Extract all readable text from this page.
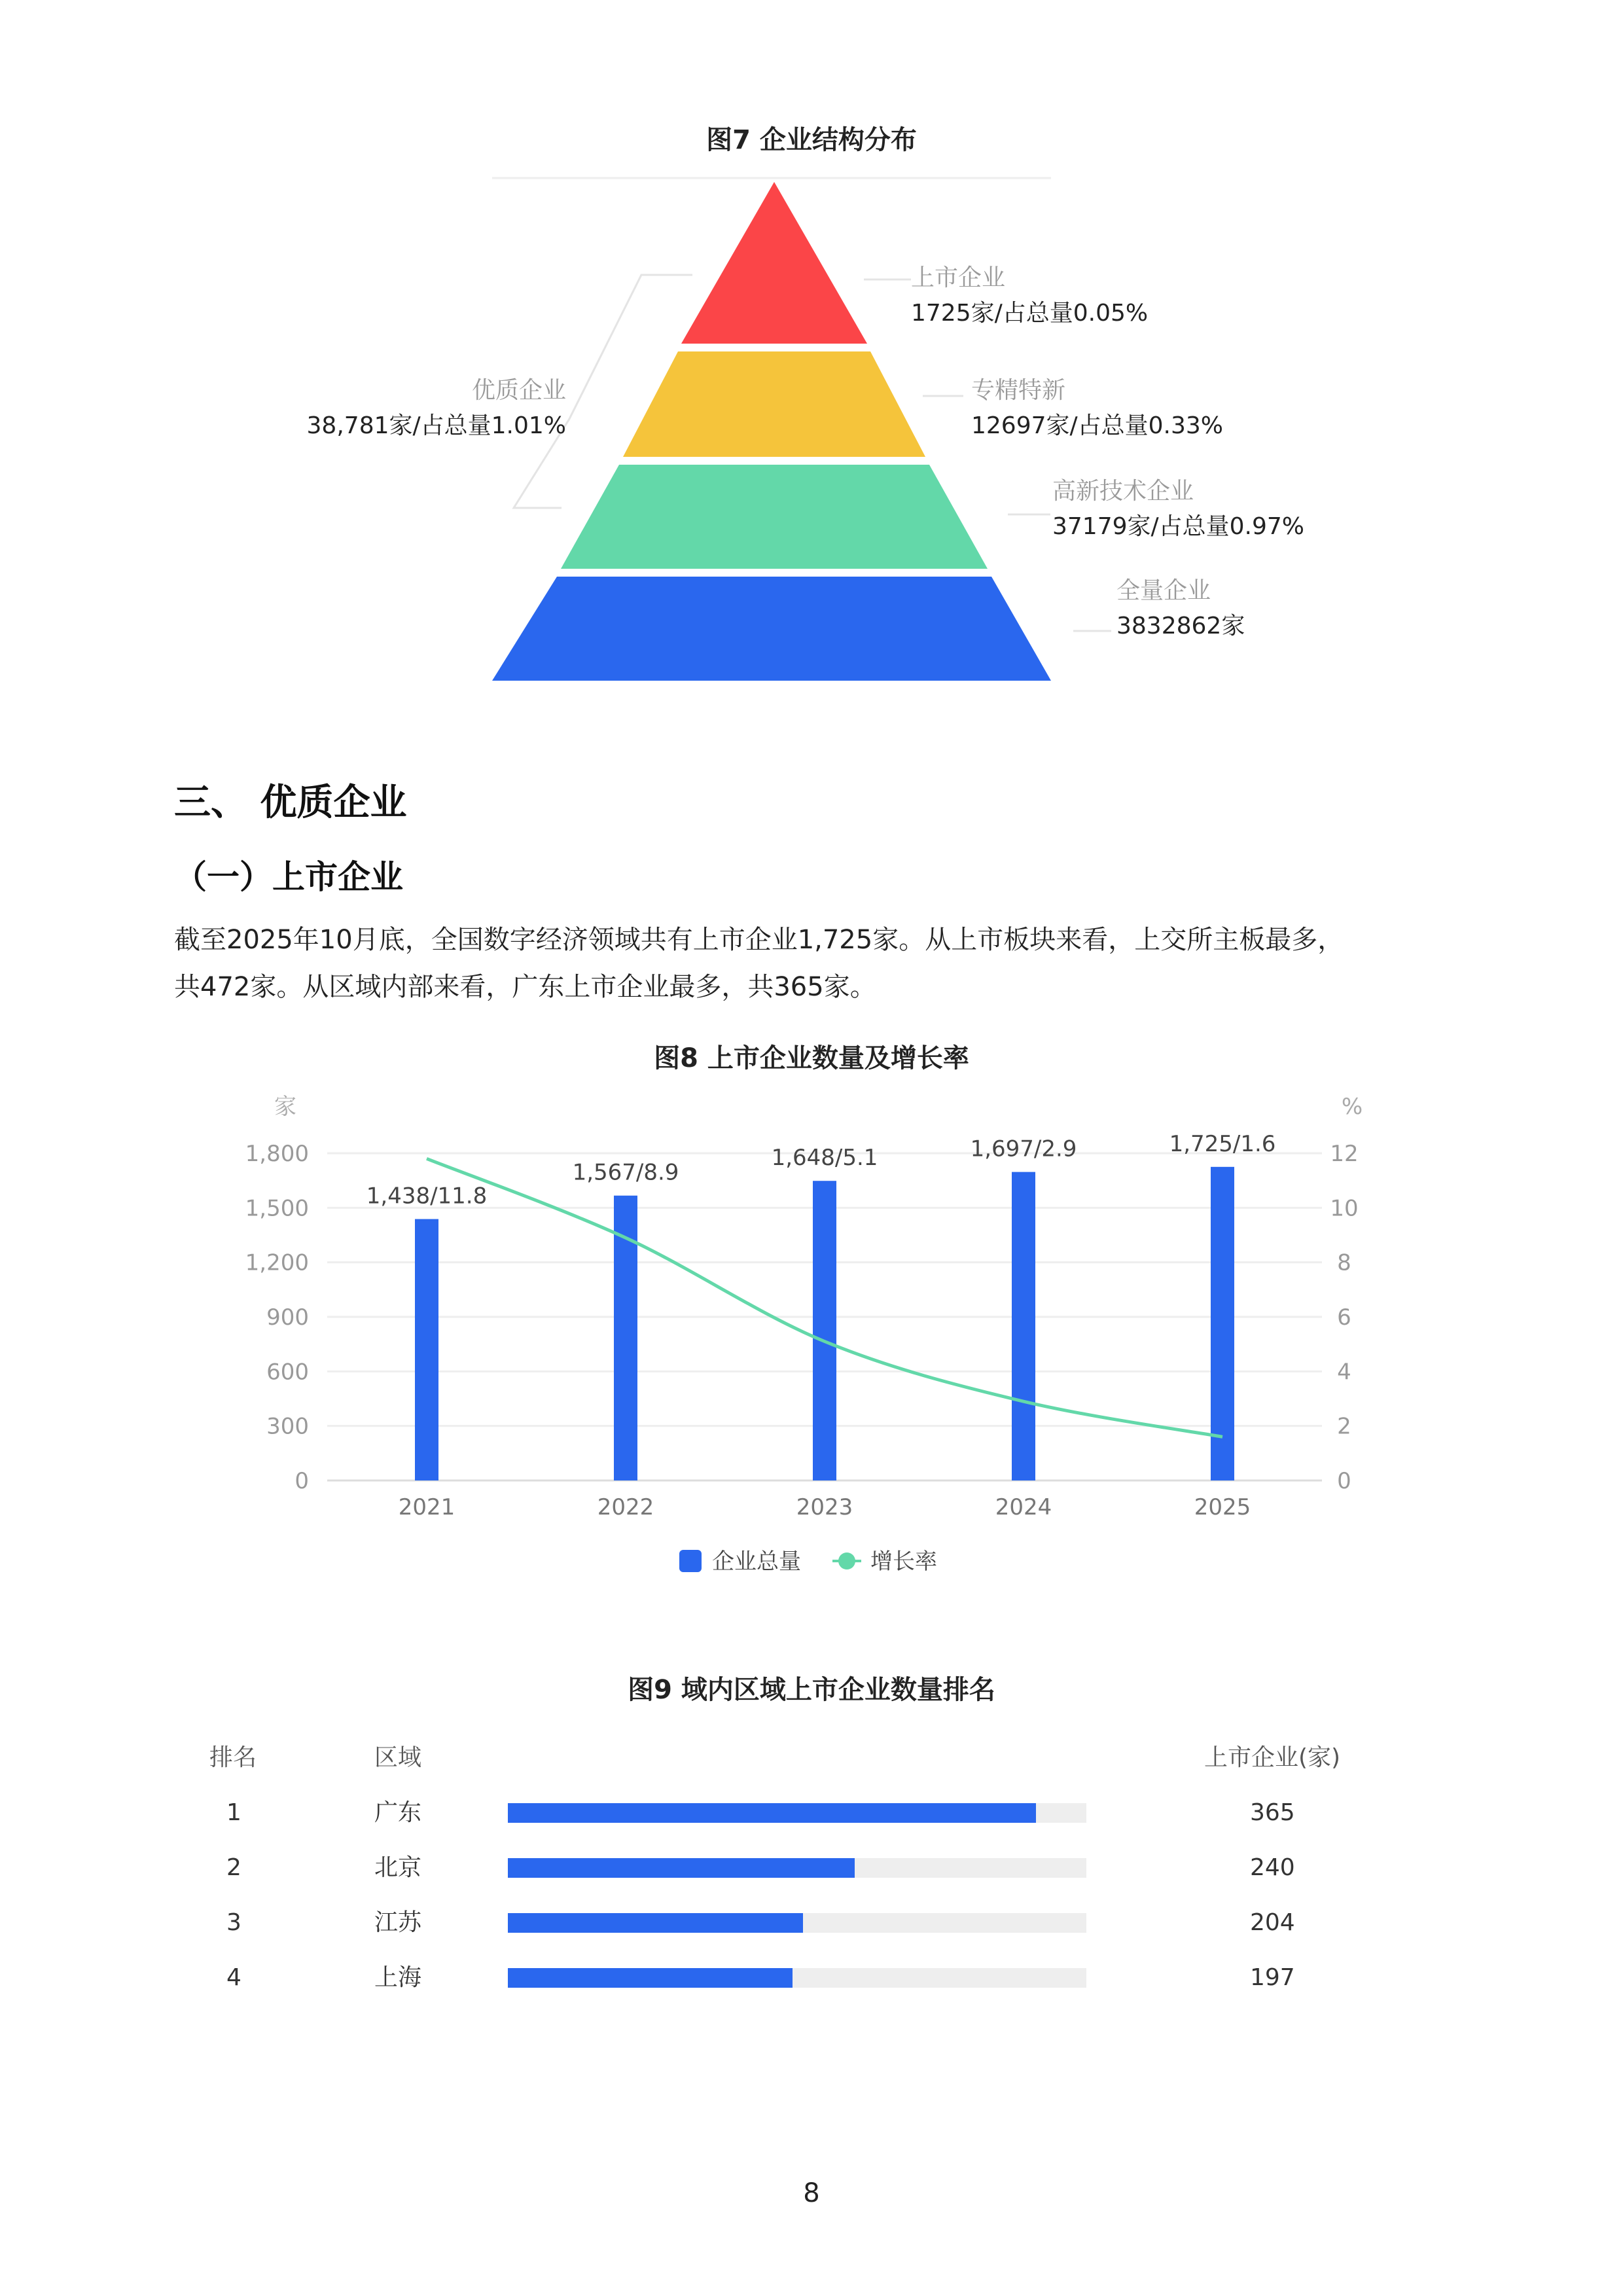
图7 企业结构分布
上市企业
1725家/占总量0.05%
专精特新
12697家/占总量0.33%
高新技术企业
37179家/占总量0.97%
全量企业
3832862家
优质企业
38,781家/占总量1.01%
三、 优质企业
（一）上市企业
截至2025年10月底，全国数字经济领域共有上市企业1,725家。从上市板块来看，上交所主板最多，
共472家。从区域内部来看，广东上市企业最多，共365家。
图8 上市企业数量及增长率
家	%
0
300
600
900
1,200
1,500
1,800
0
2
4
6
8
10
12
1,438/11.8
1,567/8.9
1,648/5.1	1,697/2.9	1,725/1.6
2021	2022	2023	2024	2025
企业总量	增长率
图9 域内区域上市企业数量排名
排名	区域	上市企业(家)
1	广东	365
2	北京	240
3	江苏	204
4	上海	197
8
